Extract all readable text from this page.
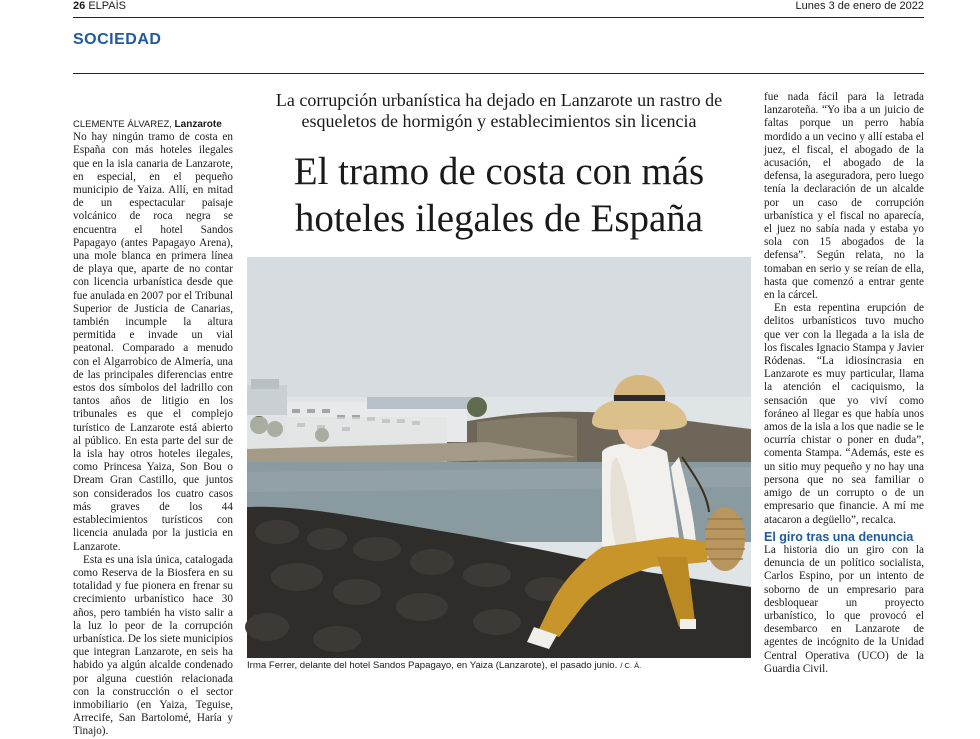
26 ELPAÍS	Lunes 3 de enero de 2022
SOCIEDAD

CLEMENTE ÁLVAREZ, Lanzarote

No hay ningún tramo de costa en España con más hoteles ilegales que en la isla canaria de Lanzarote, en especial, en el pequeño municipio de Yaiza. Allí, en mitad de un espectacular paisaje volcánico de roca negra se encuentra el hotel Sandos Papagayo (antes Papagayo Arena), una mole blanca en primera línea de playa que, aparte de no contar con licencia urbanística desde que fue anulada en 2007 por el Tribunal Superior de Justicia de Canarias, también incumple la altura permitida e invade un vial peatonal. Comparado a menudo con el Algarrobico de Almería, una de las principales diferencias entre estos dos símbolos del ladrillo con tantos años de litigio en los tribunales es que el complejo turístico de Lanzarote está abierto al público. En esta parte del sur de la isla hay otros hoteles ilegales, como Princesa Yaiza, Son Bou o Dream Gran Castillo, que juntos son considerados los cuatro casos más graves de los 44 establecimientos turísticos con licencia anulada por la justicia en Lanzarote.

Esta es una isla única, catalogada como Reserva de la Biosfera en su totalidad y fue pionera en frenar su crecimiento urbanístico hace 30 años, pero también ha visto salir a la luz lo peor de la corrupción urbanística. De los siete municipios que integran Lanzarote, en seis ha habido ya algún alcalde condenado por alguna cuestión relacionada con la construcción o el sector inmobiliario (en Yaiza, Teguise, Arrecife, San Bartolomé, Haría y Tinajo).

La corrupción urbanística ha dejado en Lanzarote un rastro de esqueletos de hormigón y establecimientos sin licencia
El tramo de costa con más hoteles ilegales de España
Irma Ferrer, delante del hotel Sandos Papagayo, en Yaiza (Lanzarote), el pasado junio. / C. Á.

fue nada fácil para la letrada lanzaroteña. “Yo iba a un juicio de faltas porque un perro había mordido a un vecino y allí estaba el juez, el fiscal, el abogado de la acusación, el abogado de la defensa, la aseguradora, pero luego tenía la declaración de un alcalde por un caso de corrupción urbanística y el fiscal no aparecía, el juez no sabía nada y estaba yo sola con 15 abogados de la defensa”. Según relata, no la tomaban en serio y se reían de ella, hasta que comenzó a entrar gente en la cárcel.

En esta repentina erupción de delitos urbanísticos tuvo mucho que ver con la llegada a la isla de los fiscales Ignacio Stampa y Javier Ródenas. “La idiosincrasia en Lanzarote es muy particular, llama la atención el caciquismo, la sensación que yo viví como foráneo al llegar es que había unos amos de la isla a los que nadie se le ocurría chistar o poner en duda”, comenta Stampa. “Además, este es un sitio muy pequeño y no hay una persona que no sea familiar o amigo de un corrupto o de un empresario que financie. A mí me atacaron a degüello”, recalca.

El giro tras una denuncia

La historia dio un giro con la denuncia de un político socialista, Carlos Espino, por un intento de soborno de un empresario para desbloquear un proyecto urbanístico, lo que provocó el desembarco en Lanzarote de agentes de incógnito de la Unidad Central Operativa (UCO) de la Guardia Civil.
